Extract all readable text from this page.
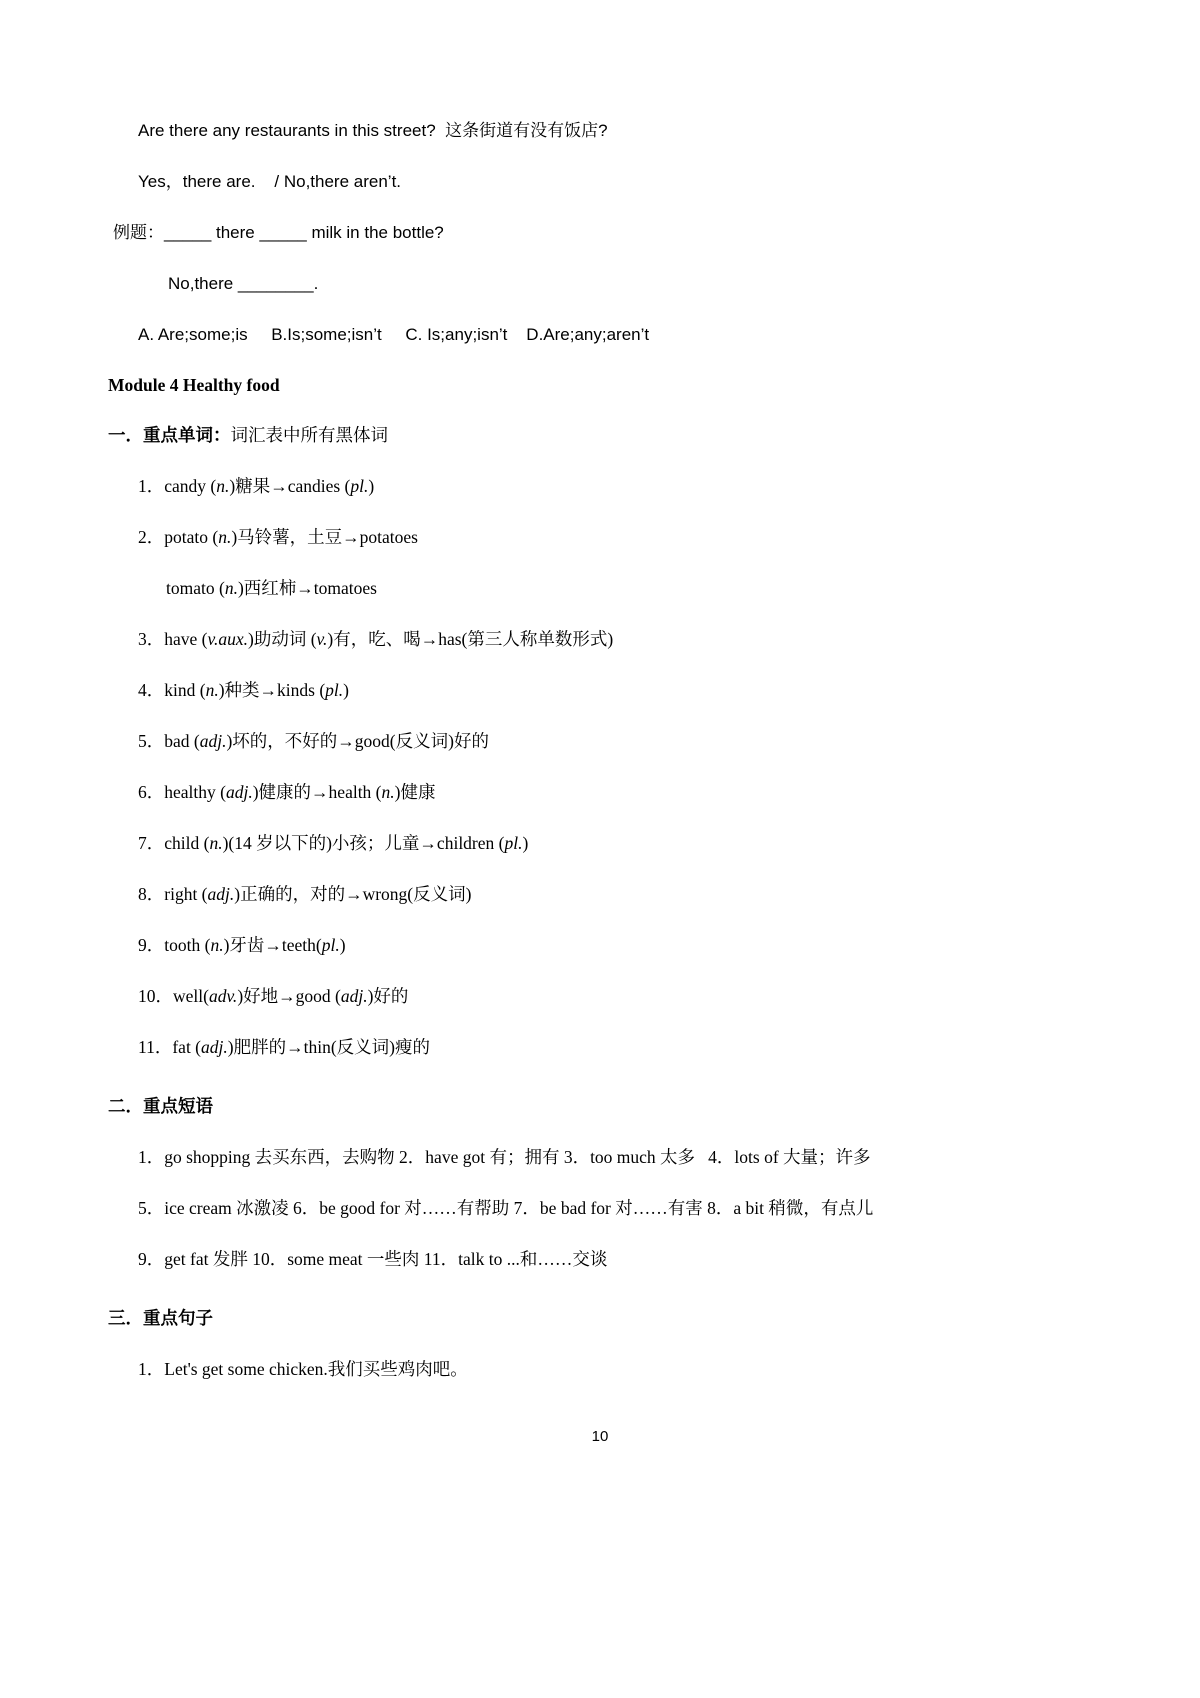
Are there any restaurants in this street?  这条街道有没有饭店?

Yes，there are.    / No,there aren’t.

例题：_____ there _____ milk in the bottle?

No,there ________.

A. Are;some;is     B.Is;some;isn’t     C. Is;any;isn’t    D.Are;any;aren’t

Module 4 Healthy food

一．重点单词：词汇表中所有黑体词

1．candy (n.)糖果→candies (pl.)

2．potato (n.)马铃薯，土豆→potatoes

tomato (n.)西红柿→tomatoes

3．have (v.aux.)助动词 (v.)有，吃、喝→has(第三人称单数形式)

4．kind (n.)种类→kinds (pl.)

5．bad (adj.)坏的，不好的→good(反义词)好的

6．healthy (adj.)健康的→health (n.)健康

7．child (n.)(14 岁以下的)小孩；儿童→children (pl.)

8．right (adj.)正确的，对的→wrong(反义词)

9．tooth (n.)牙齿→teeth(pl.)

10．well(adv.)好地→good (adj.)好的

11．fat (adj.)肥胖的→thin(反义词)瘦的

二．重点短语

1．go shopping 去买东西，去购物 2．have got 有；拥有 3．too much 太多   4．lots of 大量；许多

5．ice cream 冰激凌 6．be good for 对……有帮助 7．be bad for 对……有害 8．a bit 稍微，有点儿

9．get fat 发胖 10．some meat 一些肉 11．talk to ...和……交谈

三．重点句子

1．Let's get some chicken.我们买些鸡肉吧。

10
